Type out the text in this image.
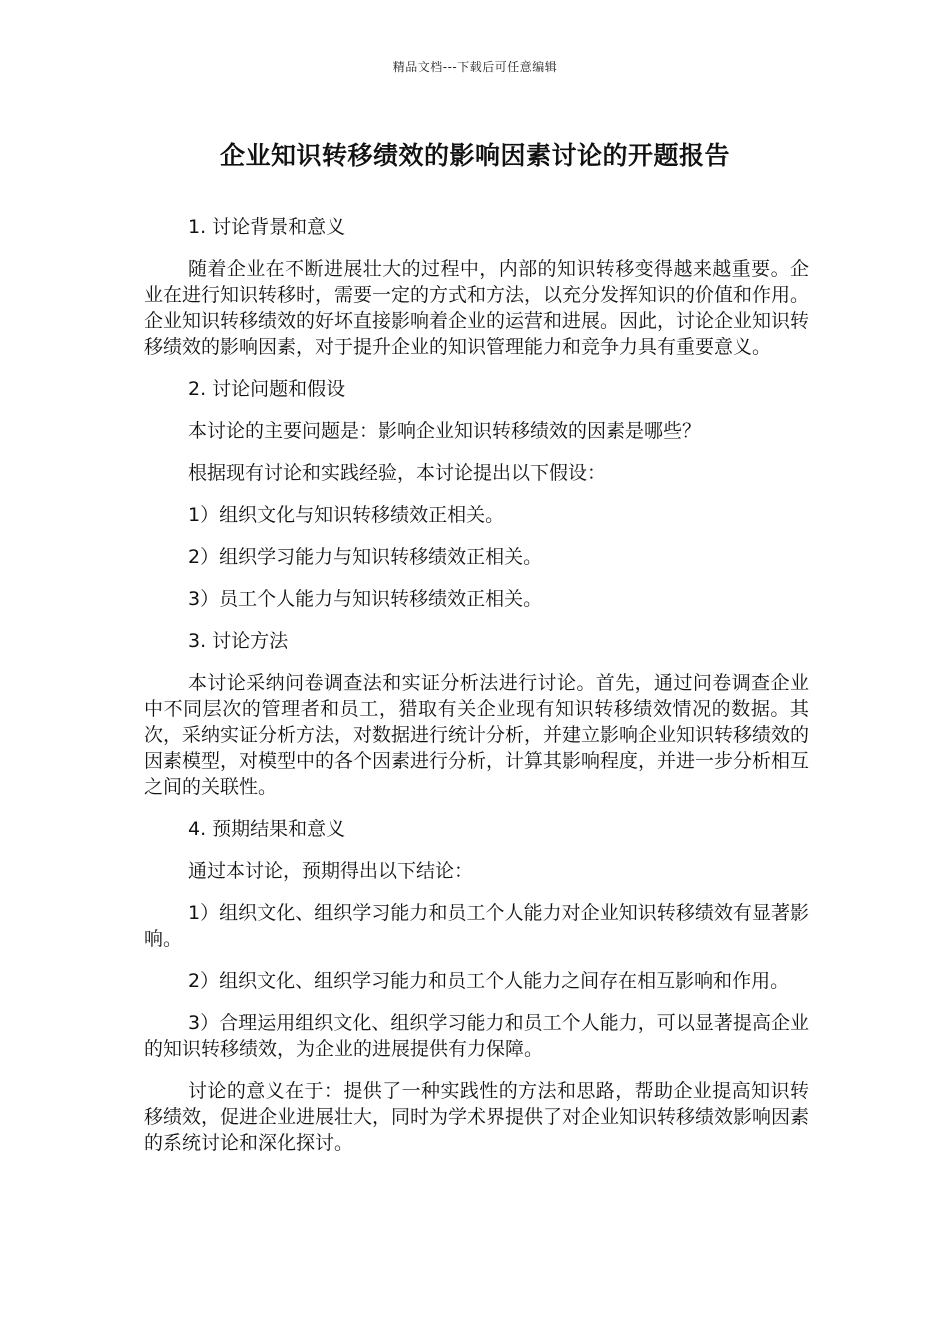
精品文档---下载后可任意编辑
企业知识转移绩效的影响因素讨论的开题报告

1. 讨论背景和意义

随着企业在不断进展壮大的过程中，内部的知识转移变得越来越重要。企业在进行知识转移时，需要一定的方式和方法，以充分发挥知识的价值和作用。企业知识转移绩效的好坏直接影响着企业的运营和进展。因此，讨论企业知识转移绩效的影响因素，对于提升企业的知识管理能力和竞争力具有重要意义。

2. 讨论问题和假设

本讨论的主要问题是：影响企业知识转移绩效的因素是哪些？

根据现有讨论和实践经验，本讨论提出以下假设：

1）组织文化与知识转移绩效正相关。

2）组织学习能力与知识转移绩效正相关。

3）员工个人能力与知识转移绩效正相关。

3. 讨论方法

本讨论采纳问卷调查法和实证分析法进行讨论。首先，通过问卷调查企业中不同层次的管理者和员工，猎取有关企业现有知识转移绩效情况的数据。其次，采纳实证分析方法，对数据进行统计分析，并建立影响企业知识转移绩效的因素模型，对模型中的各个因素进行分析，计算其影响程度，并进一步分析相互之间的关联性。

4. 预期结果和意义

通过本讨论，预期得出以下结论：

1）组织文化、组织学习能力和员工个人能力对企业知识转移绩效有显著影响。

2）组织文化、组织学习能力和员工个人能力之间存在相互影响和作用。

3）合理运用组织文化、组织学习能力和员工个人能力，可以显著提高企业的知识转移绩效，为企业的进展提供有力保障。

讨论的意义在于：提供了一种实践性的方法和思路，帮助企业提高知识转移绩效，促进企业进展壮大，同时为学术界提供了对企业知识转移绩效影响因素的系统讨论和深化探讨。
